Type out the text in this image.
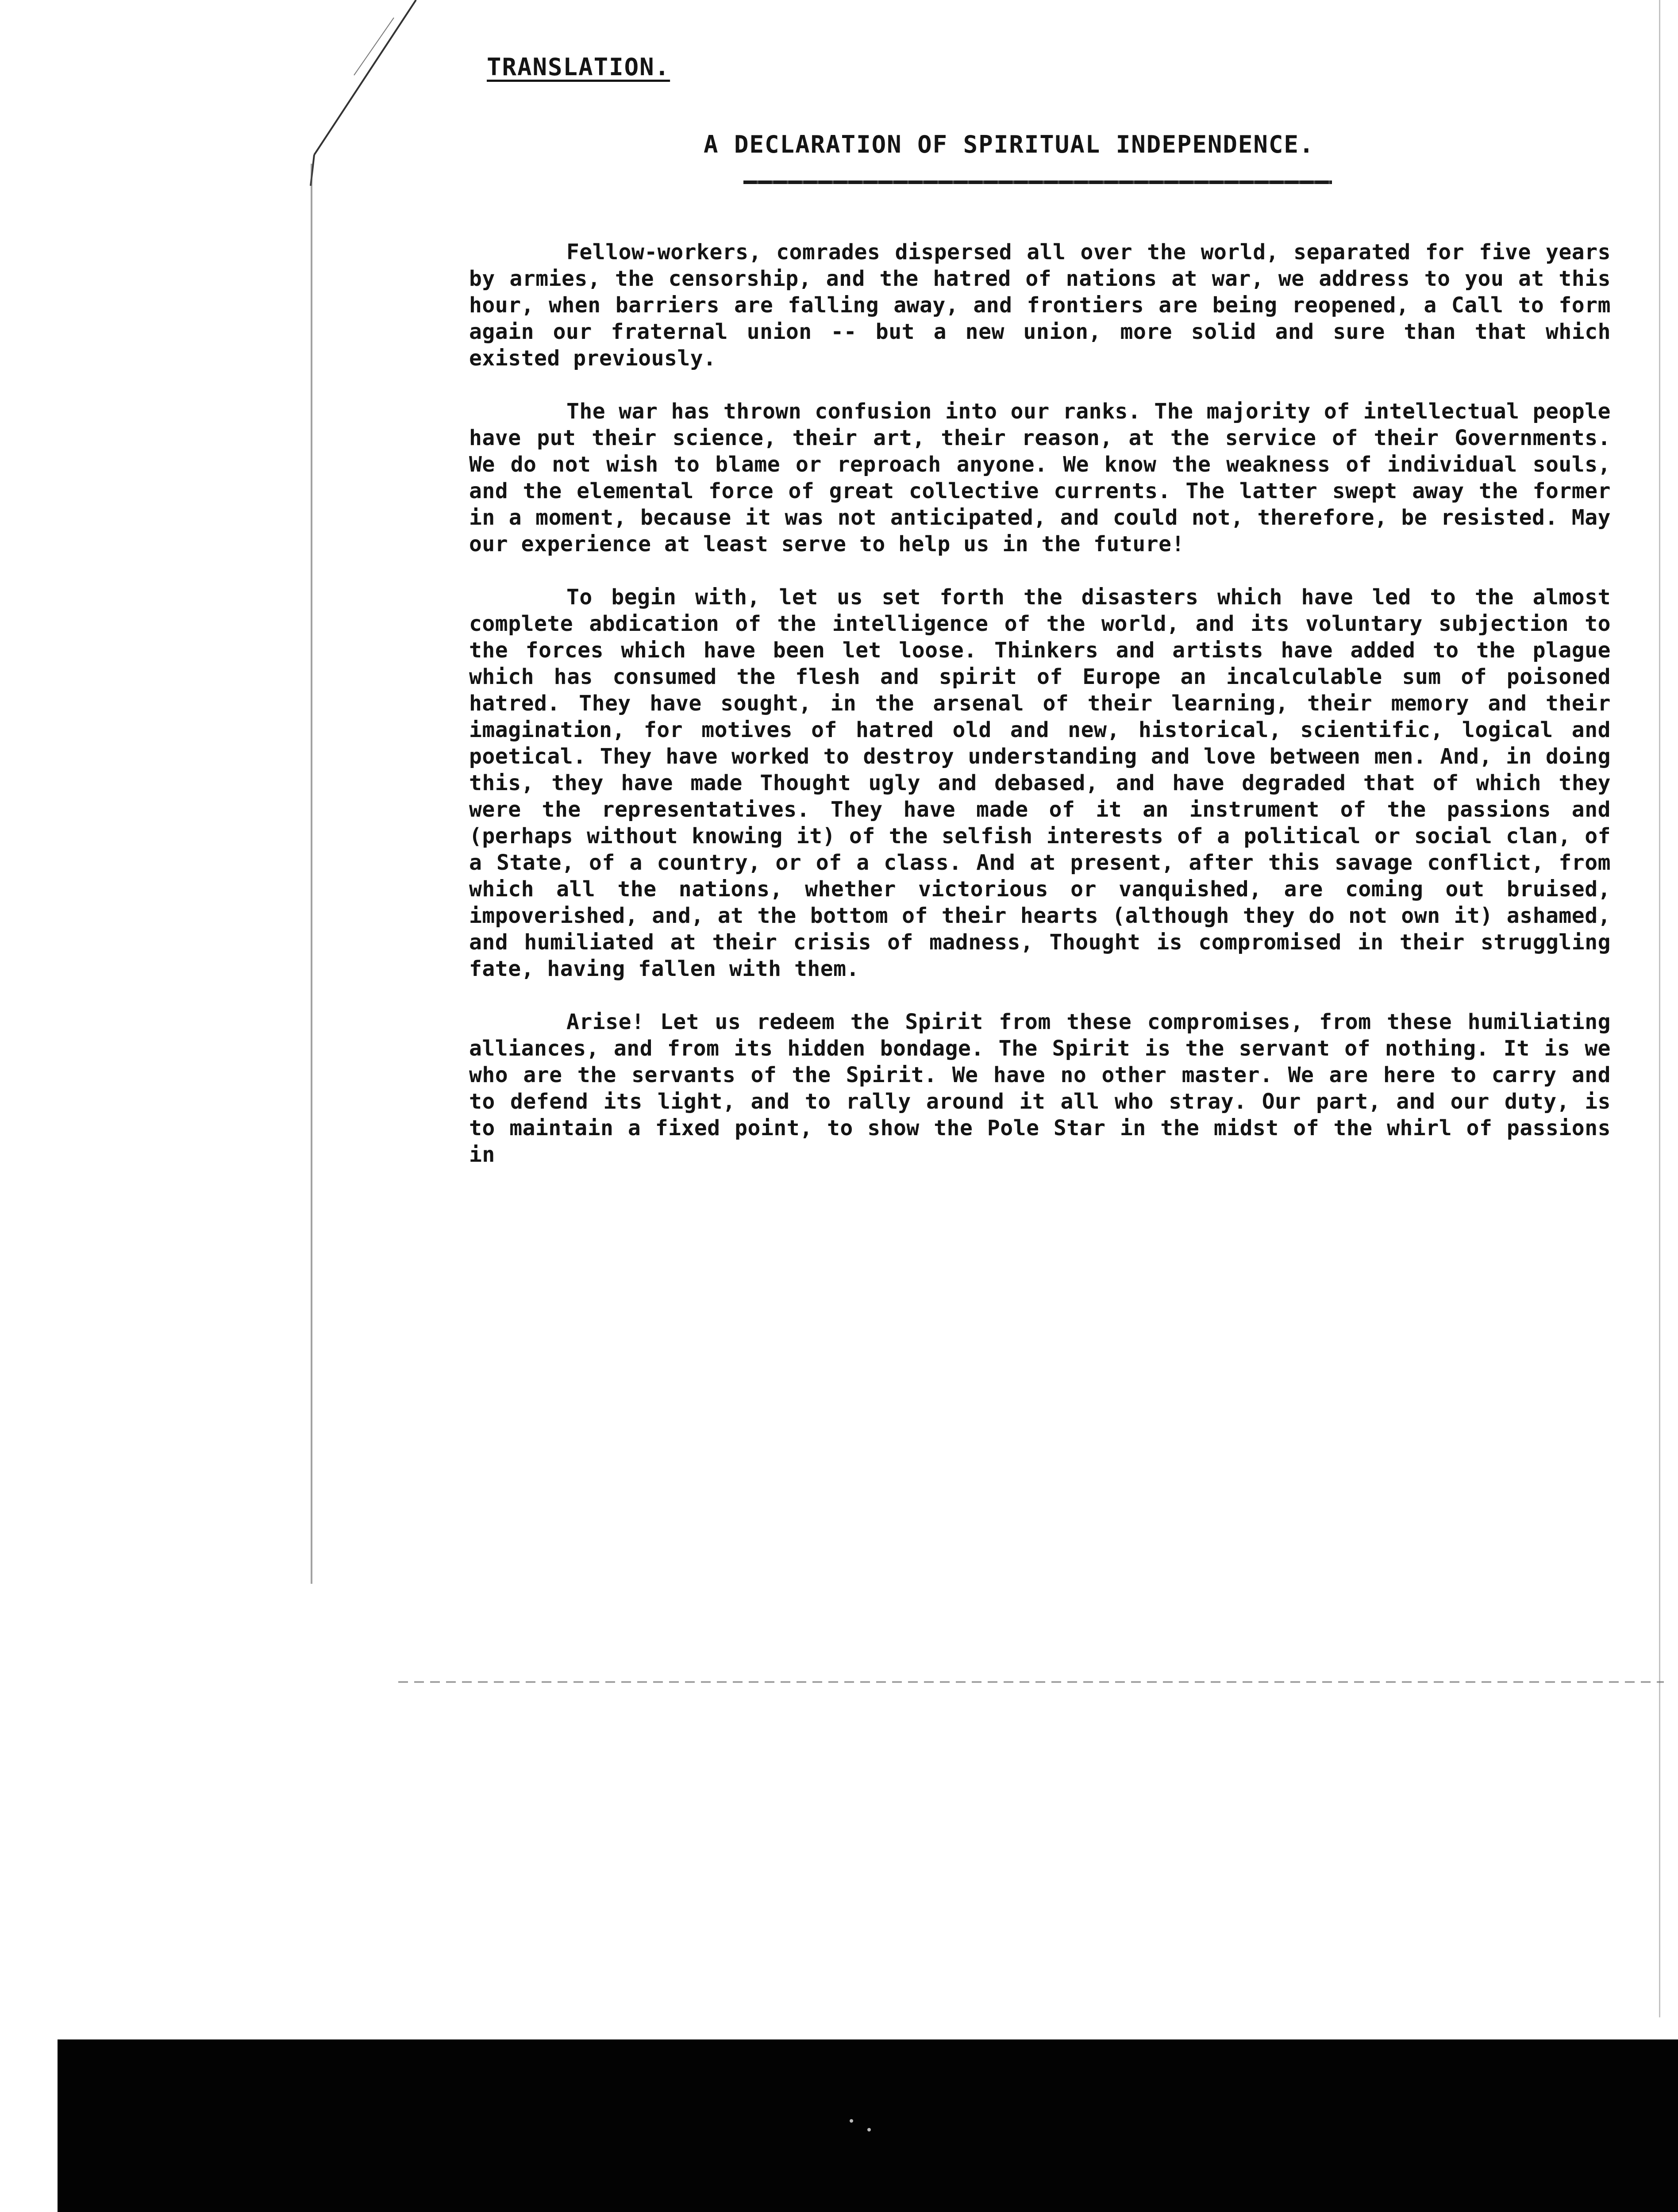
TRANSLATION.
A DECLARATION OF SPIRITUAL INDEPENDENCE.

Fellow-workers, comrades dispersed all over the world, separated for five years by armies, the censorship, and the hatred of nations at war, we address to you at this hour, when barriers are falling away, and frontiers are being reopened, a Call to form again our fraternal union -- but a new union, more solid and sure than that which existed previously.

The war has thrown confusion into our ranks. The majority of intellectual people have put their science, their art, their reason, at the service of their Governments. We do not wish to blame or reproach anyone. We know the weakness of individual souls, and the elemental force of great collective currents. The latter swept away the former in a moment, because it was not anticipated, and could not, therefore, be resisted. May our experience at least serve to help us in the future!

To begin with, let us set forth the disasters which have led to the almost complete abdication of the intelligence of the world, and its voluntary subjection to the forces which have been let loose. Thinkers and artists have added to the plague which has consumed the flesh and spirit of Europe an incalculable sum of poisoned hatred. They have sought, in the arsenal of their learning, their memory and their imagination, for motives of hatred old and new, historical, scientific, logical and poetical. They have worked to destroy understanding and love between men. And, in doing this, they have made Thought ugly and debased, and have degraded that of which they were the representatives. They have made of it an instrument of the passions and (perhaps without knowing it) of the selfish interests of a political or social clan, of a State, of a country, or of a class. And at present, after this savage conflict, from which all the nations, whether victorious or vanquished, are coming out bruised, impoverished, and, at the bottom of their hearts (although they do not own it) ashamed, and humiliated at their crisis of madness, Thought is compromised in their struggling fate, having fallen with them.

Arise! Let us redeem the Spirit from these compromises, from these humiliating alliances, and from its hidden bondage. The Spirit is the servant of nothing. It is we who are the servants of the Spirit. We have no other master. We are here to carry and to defend its light, and to rally around it all who stray. Our part, and our duty, is to maintain a fixed point, to show the Pole Star in the midst of the whirl of passions in
